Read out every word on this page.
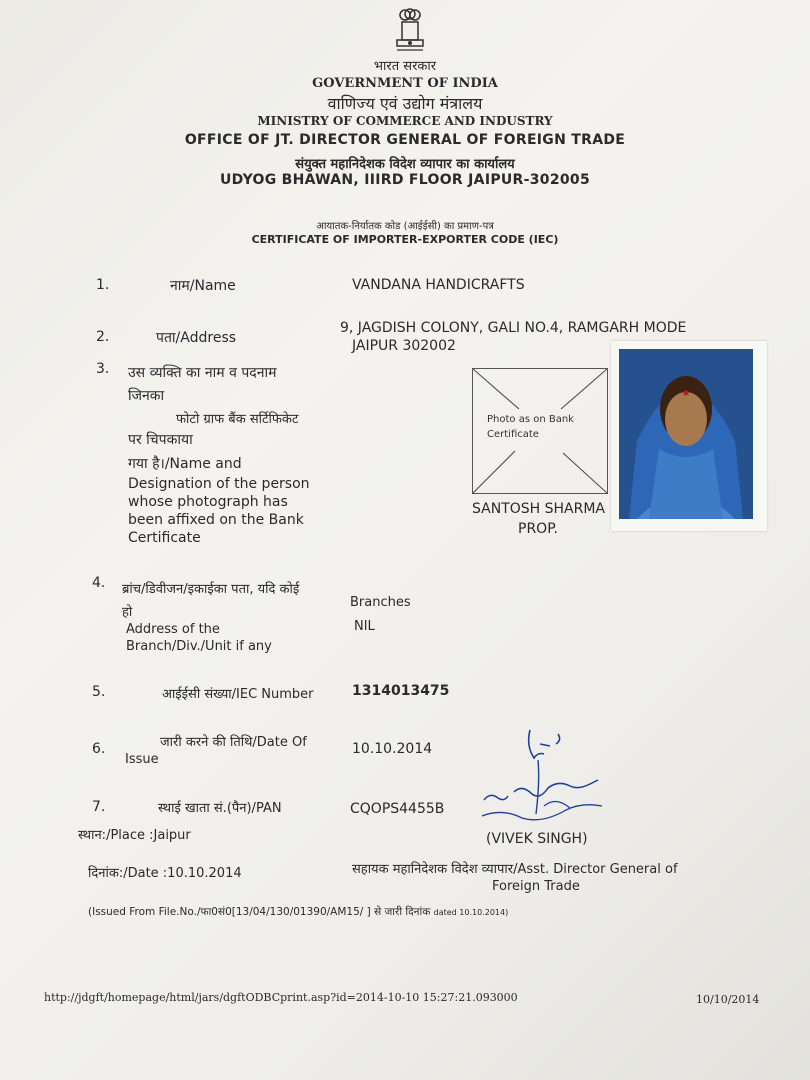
भारत सरकार
GOVERNMENT OF INDIA
वाणिज्य एवं उद्योग मंत्रालय
MINISTRY OF COMMERCE AND INDUSTRY
OFFICE OF JT. DIRECTOR GENERAL OF FOREIGN TRADE
संयुक्त महानिदेशक विदेश व्यापार का कार्यालय
UDYOG BHAWAN, IIIRD FLOOR JAIPUR-302005
आयातक-निर्यातक कोड (आईईसी) का प्रमाण-पत्र
CERTIFICATE OF IMPORTER-EXPORTER CODE (IEC)
1.	नाम/Name	VANDANA HANDICRAFTS
2.	पता/Address
9, JAGDISH COLONY, GALI NO.4, RAMGARH MODE
JAIPUR 302002
3. उस व्यक्ति का नाम व पदनाम
जिनका
फोटो ग्राफ बैंक सर्टिफिकेट
पर चिपकाया
गया है।/Name and
Designation of the person
whose photograph has
been affixed on the Bank
Certificate
Photo as on Bank
Certificate
SANTOSH SHARMA
PROP.
4. ब्रांच/डिवीजन/इकाईका पता, यदि कोई
हो
Address of the
Branch/Div./Unit if any
Branches
NIL
5.	आईईसी संख्या/IEC Number	1314013475
6.	जारी करने की तिथि/Date Of
Issue
10.10.2014
7.	स्थाई खाता सं.(पैन)/PAN	CQOPS4455B
स्थान:/Place :Jaipur	(VIVEK SINGH)
दिनांक:/Date :10.10.2014	सहायक महानिदेशक विदेश व्यापार/Asst. Director General of
Foreign Trade
(Issued From File.No./फा0सं0[13/04/130/01390/AM15/ ] से जारी दिनांक dated 10.10.2014)
http://jdgft/homepage/html/jars/dgftODBCprint.asp?id=2014-10-10 15:27:21.093000	10/10/2014
